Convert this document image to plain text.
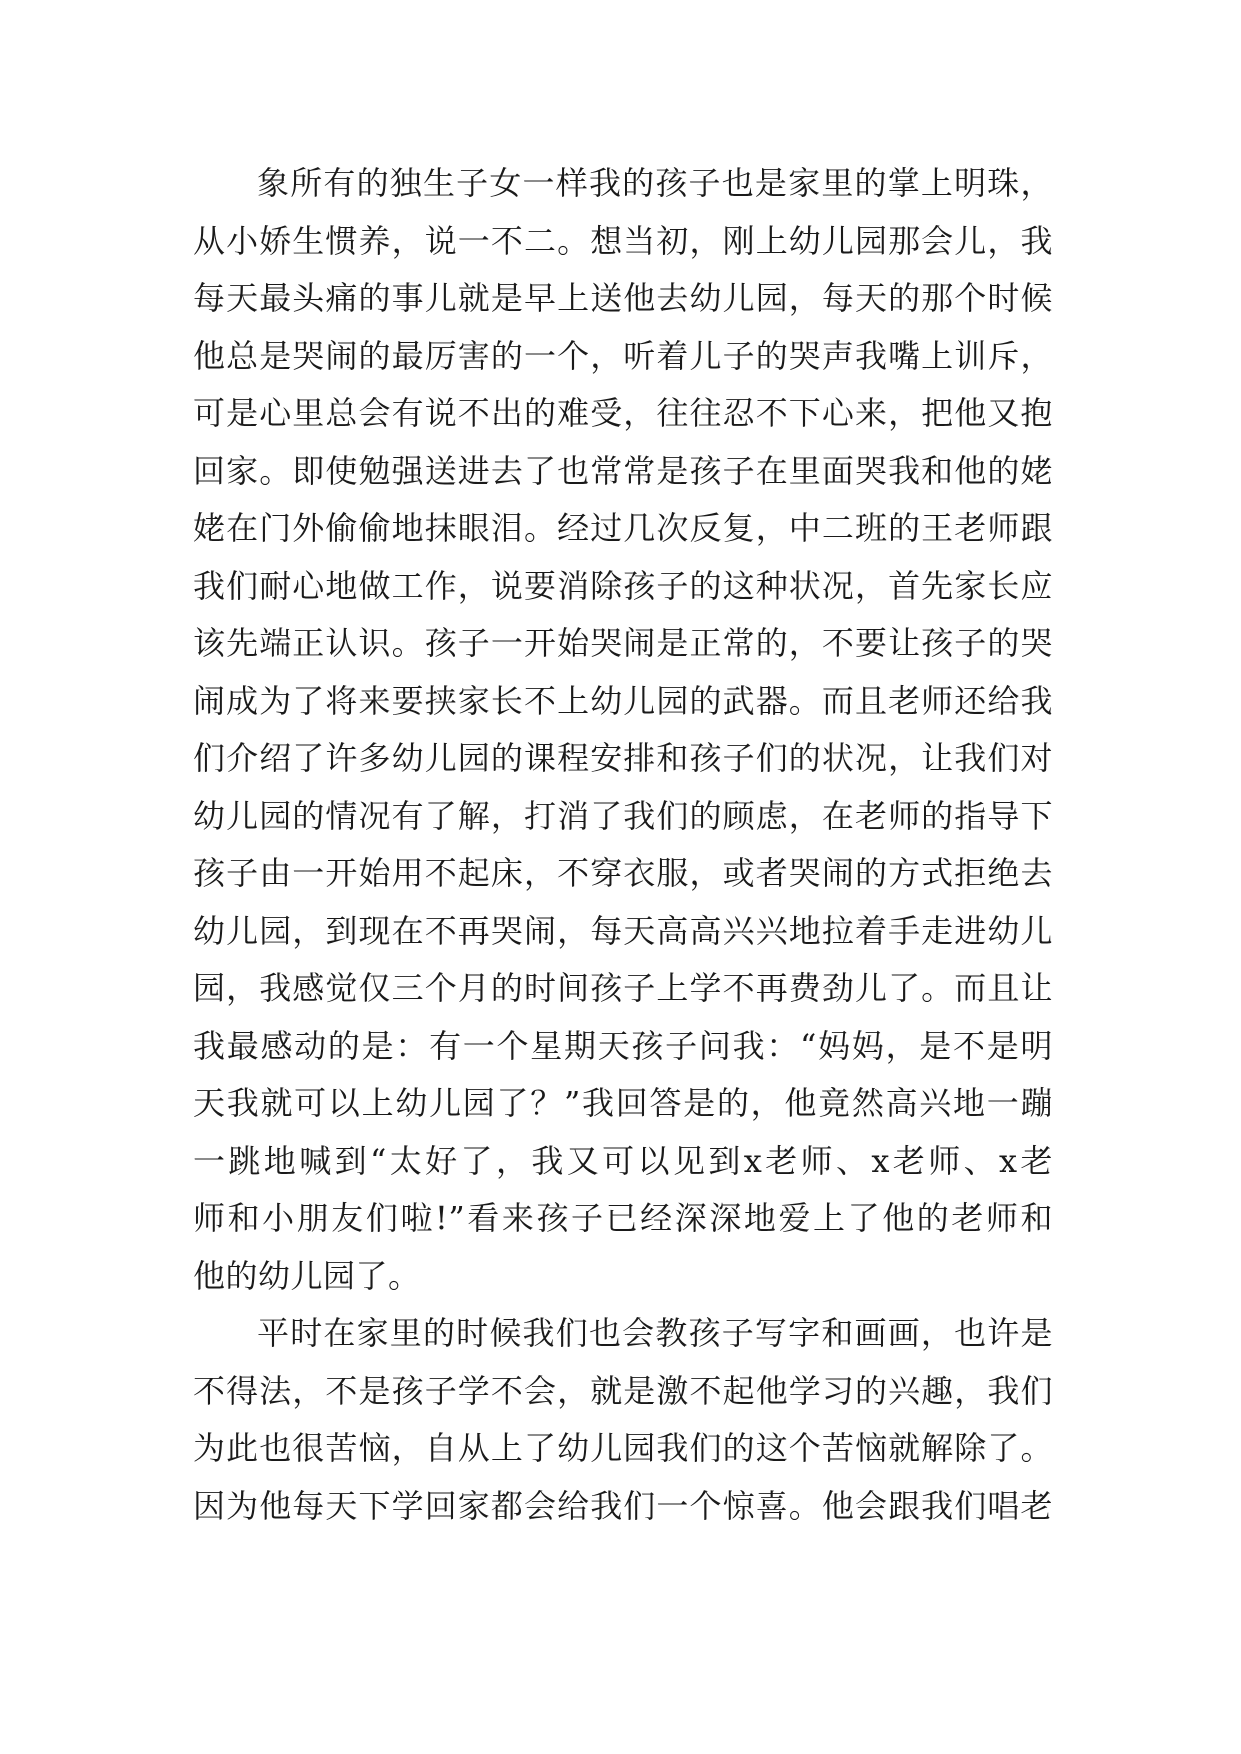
象所有的独生子女一样我的孩子也是家里的掌上明珠，
从小娇生惯养，说一不二。想当初，刚上幼儿园那会儿，我
每天最头痛的事儿就是早上送他去幼儿园，每天的那个时候
他总是哭闹的最厉害的一个，听着儿子的哭声我嘴上训斥，
可是心里总会有说不出的难受，往往忍不下心来，把他又抱
回家。即使勉强送进去了也常常是孩子在里面哭我和他的姥
姥在门外偷偷地抹眼泪。经过几次反复，中二班的王老师跟
我们耐心地做工作，说要消除孩子的这种状况，首先家长应
该先端正认识。孩子一开始哭闹是正常的，不要让孩子的哭
闹成为了将来要挟家长不上幼儿园的武器。而且老师还给我
们介绍了许多幼儿园的课程安排和孩子们的状况，让我们对
幼儿园的情况有了解，打消了我们的顾虑，在老师的指导下
孩子由一开始用不起床，不穿衣服，或者哭闹的方式拒绝去
幼儿园，到现在不再哭闹，每天高高兴兴地拉着手走进幼儿
园，我感觉仅三个月的时间孩子上学不再费劲儿了。而且让
我最感动的是：有一个星期天孩子问我：“妈妈，是不是明
天我就可以上幼儿园了？”我回答是的，他竟然高兴地一蹦
一跳地喊到“太好了，我又可以见到x老师、x老师、x老
师和小朋友们啦!”看来孩子已经深深地爱上了他的老师和
他的幼儿园了。
平时在家里的时候我们也会教孩子写字和画画，也许是
不得法，不是孩子学不会，就是激不起他学习的兴趣，我们
为此也很苦恼，自从上了幼儿园我们的这个苦恼就解除了。
因为他每天下学回家都会给我们一个惊喜。他会跟我们唱老
